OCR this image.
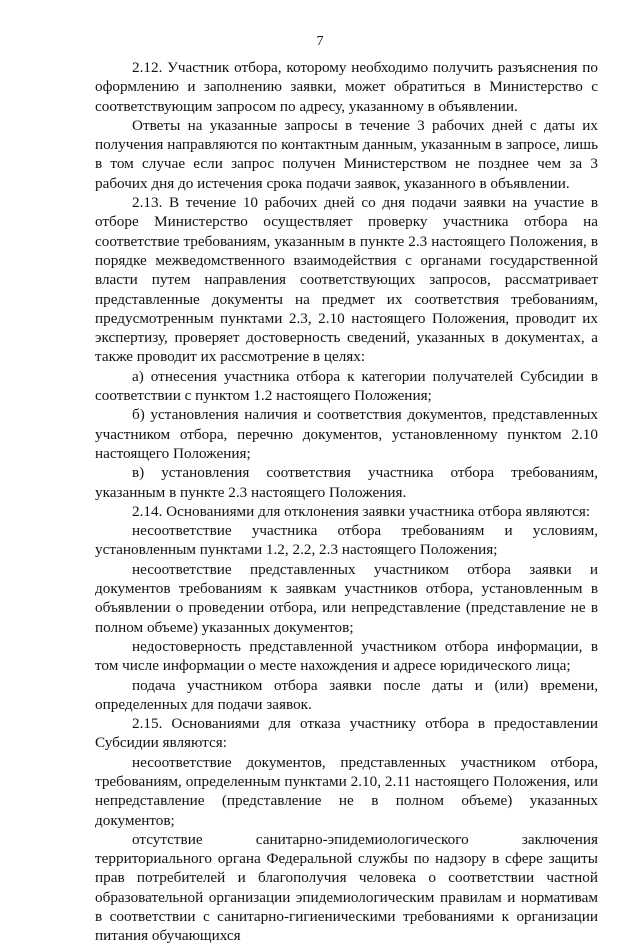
7

2.12. Участник отбора, которому необходимо получить разъяснения по оформлению и заполнению заявки, может обратиться в Министерство с соответствующим запросом по адресу, указанному в объявлении.

Ответы на указанные запросы в течение 3 рабочих дней с даты их получения направляются по контактным данным, указанным в запросе, лишь в том случае если запрос получен Министерством не позднее чем за 3 рабочих дня до истечения срока подачи заявок, указанного в объявлении.

2.13. В течение 10 рабочих дней со дня подачи заявки на участие в отборе Министерство осуществляет проверку участника отбора на соответствие требованиям, указанным в пункте 2.3 настоящего Положения, в порядке межведомственного взаимодействия с органами государственной власти путем направления соответствующих запросов, рассматривает представленные документы на предмет их соответствия требованиям, предусмотренным пунктами 2.3, 2.10 настоящего Положения, проводит их экспертизу, проверяет достоверность сведений, указанных в документах, а также проводит их рассмотрение в целях:

а) отнесения участника отбора к категории получателей Субсидии в соответствии с пунктом 1.2 настоящего Положения;

б) установления наличия и соответствия документов, представленных участником отбора, перечню документов, установленному пунктом 2.10 настоящего Положения;

в) установления соответствия участника отбора требованиям, указанным в пункте 2.3 настоящего Положения.

2.14. Основаниями для отклонения заявки участника отбора являются:

несоответствие участника отбора требованиям и условиям, установленным пунктами 1.2, 2.2, 2.3 настоящего Положения;

несоответствие представленных участником отбора заявки и документов требованиям к заявкам участников отбора, установленным в объявлении о проведении отбора, или непредставление (представление не в полном объеме) указанных документов;

недостоверность представленной участником отбора информации, в том числе информации о месте нахождения и адресе юридического лица;

подача участником отбора заявки после даты и (или) времени, определенных для подачи заявок.

2.15. Основаниями для отказа участнику отбора в предоставлении Субсидии являются:

несоответствие документов, представленных участником отбора, требованиям, определенным пунктами 2.10, 2.11 настоящего Положения, или непредставление (представление не в полном объеме) указанных документов;

отсутствие санитарно-эпидемиологического заключения территориального органа Федеральной службы по надзору в сфере защиты прав потребителей и благополучия человека о соответствии частной образовательной организации эпидемиологическим правилам и нормативам в соответствии с санитарно-гигиеническими требованиями к организации питания обучающихся
